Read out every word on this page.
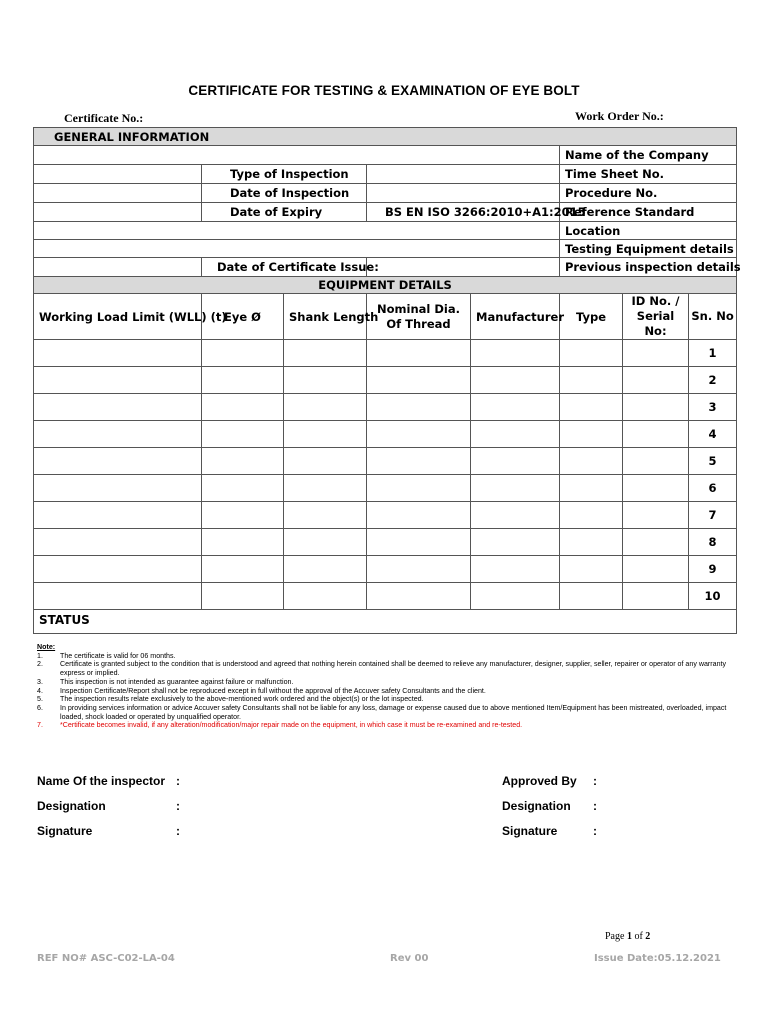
CERTIFICATE FOR TESTING & EXAMINATION OF EYE BOLT
Certificate No.:	Work Order No.:
GENERAL INFORMATION							
					Name of the Company		
	Type of Inspection				Time Sheet No.		
	Date of Inspection				Procedure No.		
	Date of Expiry		BS EN ISO 3266:2010+A1:2015		Reference Standard		
					Location		
					Testing Equipment details		
	Date of Certificate Issue:				Previous inspection details		
EQUIPMENT DETAILS							
Working Load Limit (WLL) (t)	Eye Ø	Shank Length	Nominal Dia. Of Thread	Manufacturer	Type	ID No. / Serial No:	Sn. No
							1
							2
							3
							4
							5
							6
							7
							8
							9
							10
STATUS							
Note:
1.	The certificate is valid for 06 months.
2.	Certificate is granted subject to the condition that is understood and agreed that nothing herein contained shall be deemed to relieve any manufacturer, designer, supplier, seller, repairer or operator of any warranty express or implied.
3.	This inspection is not intended as guarantee against failure or malfunction.
4.	Inspection Certificate/Report shall not be reproduced except in full without the approval of the Accuver safety Consultants and the client.
5.	The inspection results relate exclusively to the above-mentioned work ordered and the object(s) or the lot inspected.
6.	In providing services information or advice Accuver safety Consultants shall not be liable for any loss, damage or expense caused due to above mentioned Item/Equipment has been mistreated, overloaded, impact loaded, shock loaded or operated by unqualified operator.
7.	*Certificate becomes invalid, if any alteration/modification/major repair made on the equipment, in which case it must be re-examined and re-tested.
Name Of the inspector :
Designation	:
Signature	:
Approved By :
Designation :
Signature	:
Page 1 of 2
REF NO# ASC-C02-LA-04	Rev 00	Issue Date:05.12.2021
